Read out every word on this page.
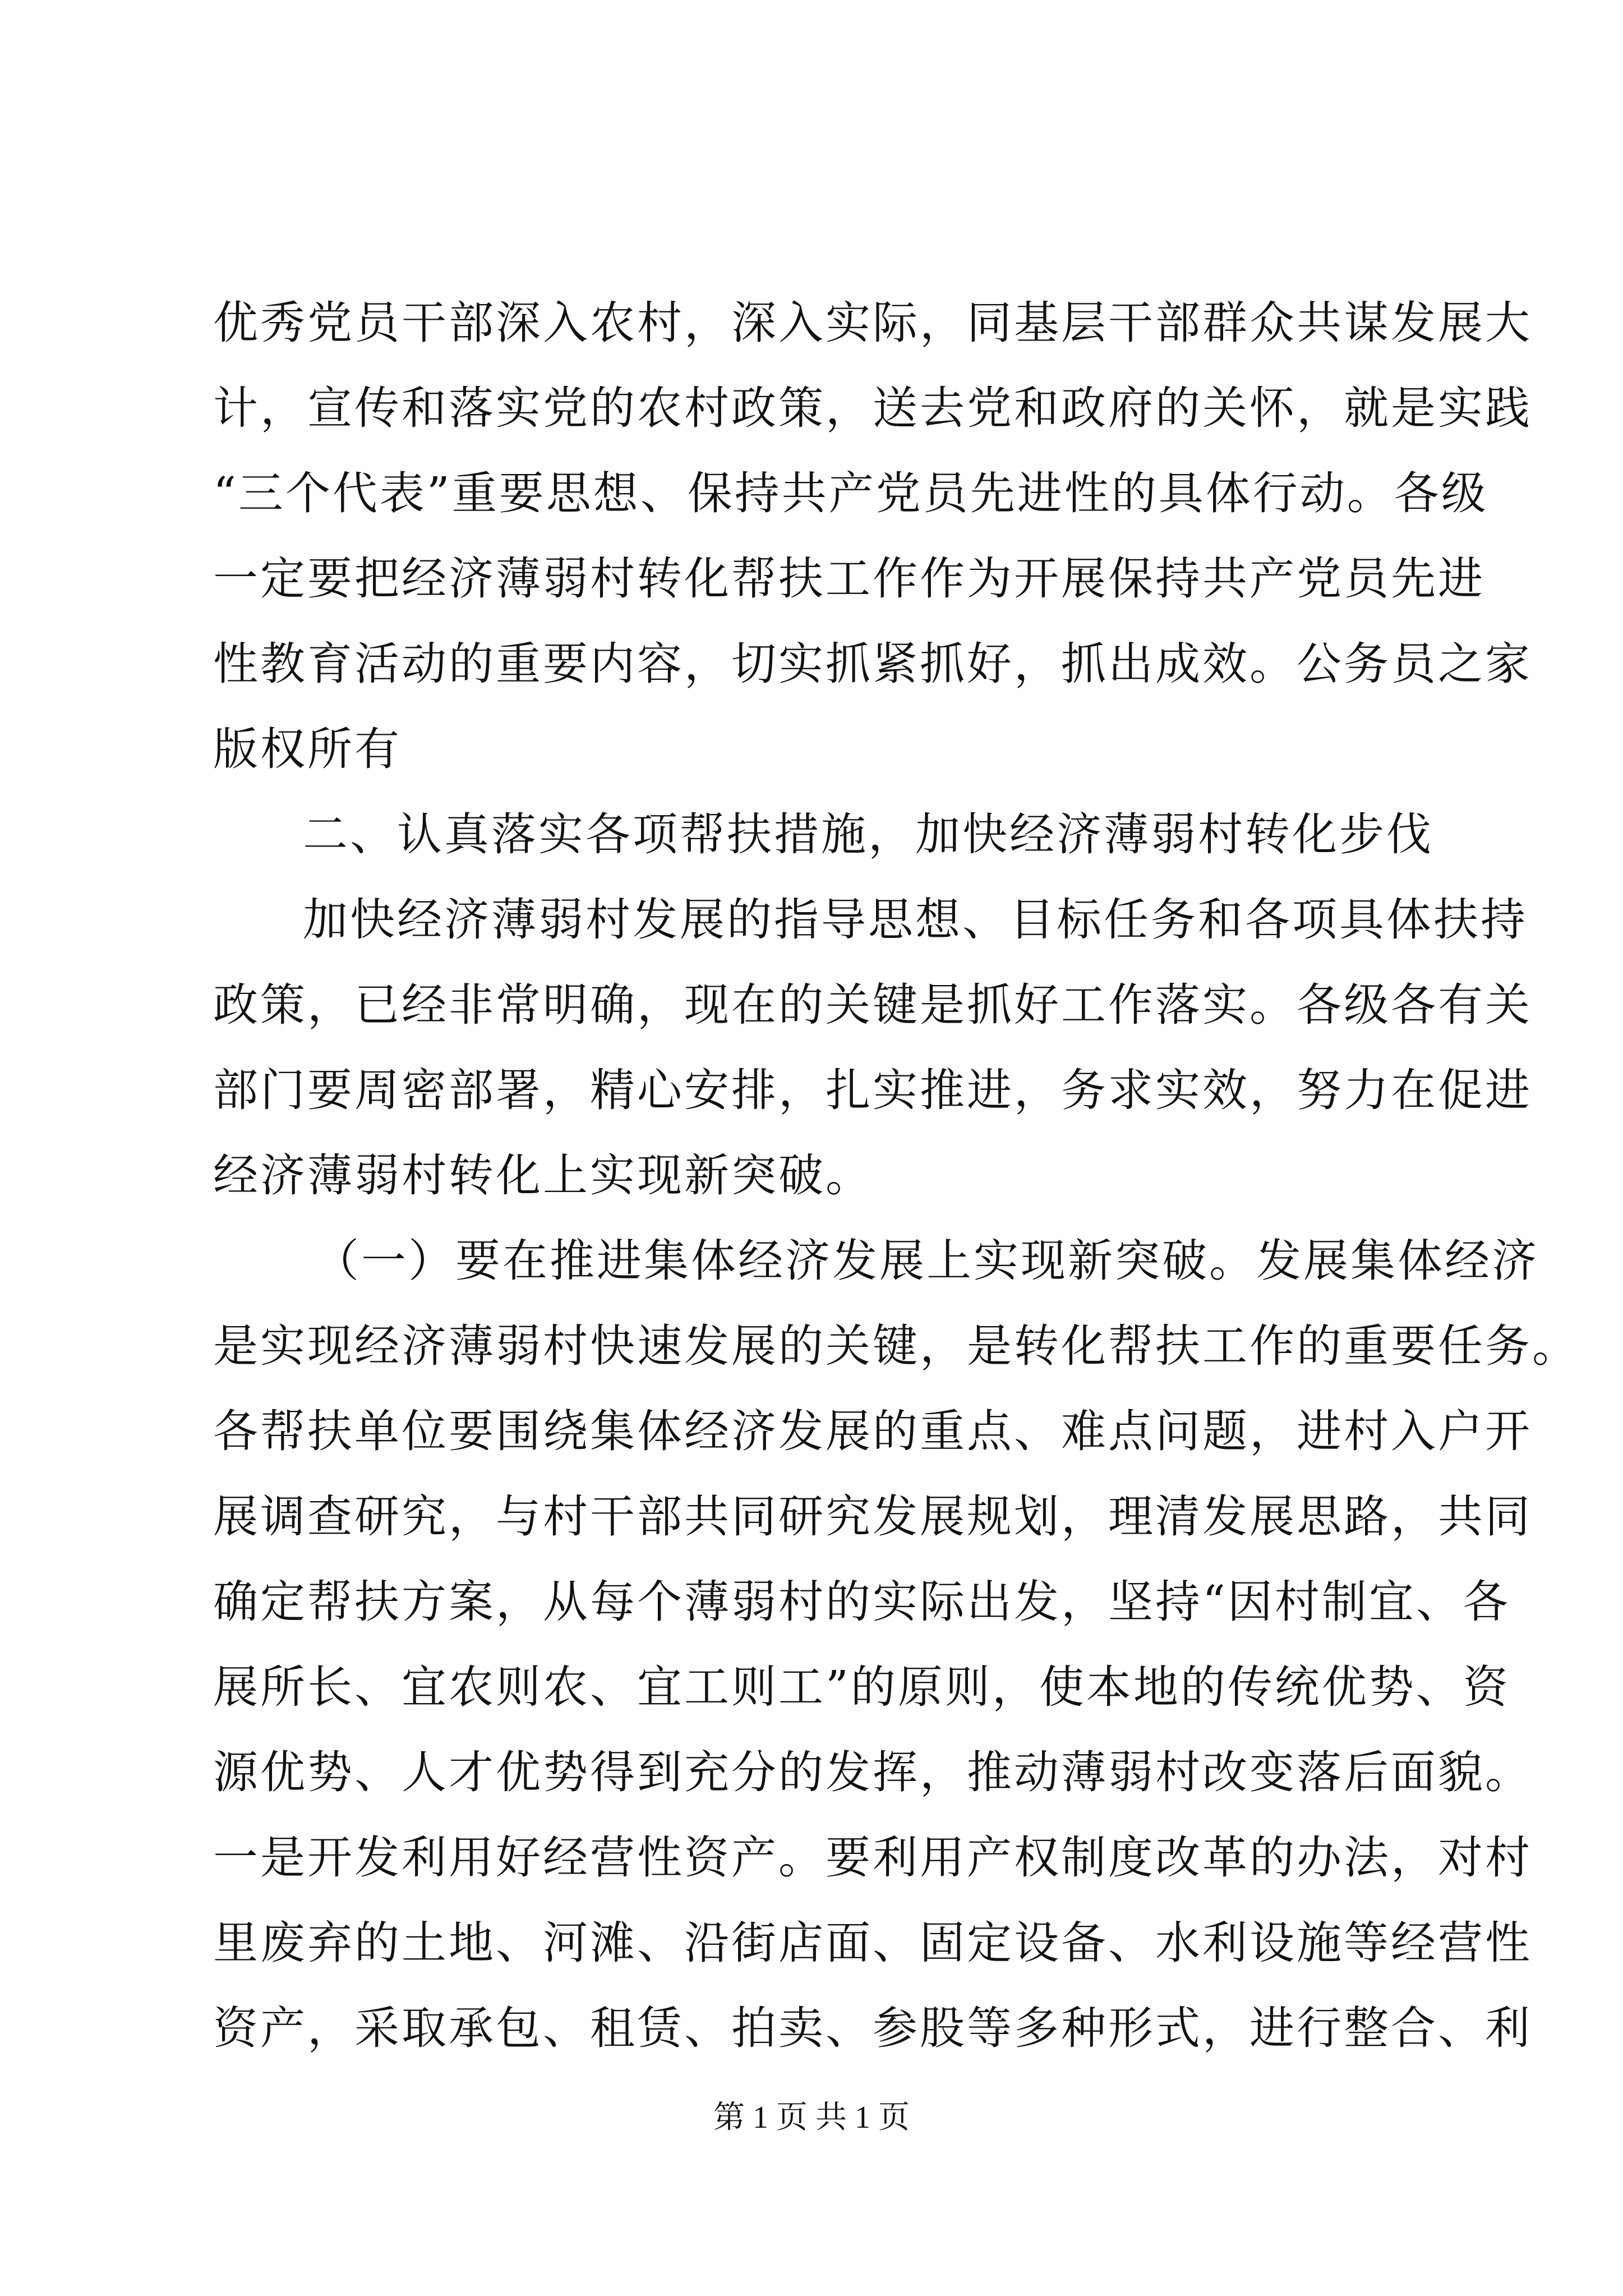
优秀党员干部深入农村，深入实际，同基层干部群众共谋发展大
计，宣传和落实党的农村政策，送去党和政府的关怀，就是实践
“三个代表”重要思想、保持共产党员先进性的具体行动。各级
一定要把经济薄弱村转化帮扶工作作为开展保持共产党员先进
性教育活动的重要内容，切实抓紧抓好，抓出成效。公务员之家
版权所有
二、认真落实各项帮扶措施，加快经济薄弱村转化步伐
加快经济薄弱村发展的指导思想、目标任务和各项具体扶持
政策，已经非常明确，现在的关键是抓好工作落实。各级各有关
部门要周密部署，精心安排，扎实推进，务求实效，努力在促进
经济薄弱村转化上实现新突破。
（一）要在推进集体经济发展上实现新突破。发展集体经济
是实现经济薄弱村快速发展的关键，是转化帮扶工作的重要任务。
各帮扶单位要围绕集体经济发展的重点、难点问题，进村入户开
展调查研究，与村干部共同研究发展规划，理清发展思路，共同
确定帮扶方案，从每个薄弱村的实际出发，坚持“因村制宜、各
展所长、宜农则农、宜工则工”的原则，使本地的传统优势、资
源优势、人才优势得到充分的发挥，推动薄弱村改变落后面貌。
一是开发利用好经营性资产。要利用产权制度改革的办法，对村
里废弃的土地、河滩、沿街店面、固定设备、水利设施等经营性
资产，采取承包、租赁、拍卖、参股等多种形式，进行整合、利
第 1 页 共 1 页
